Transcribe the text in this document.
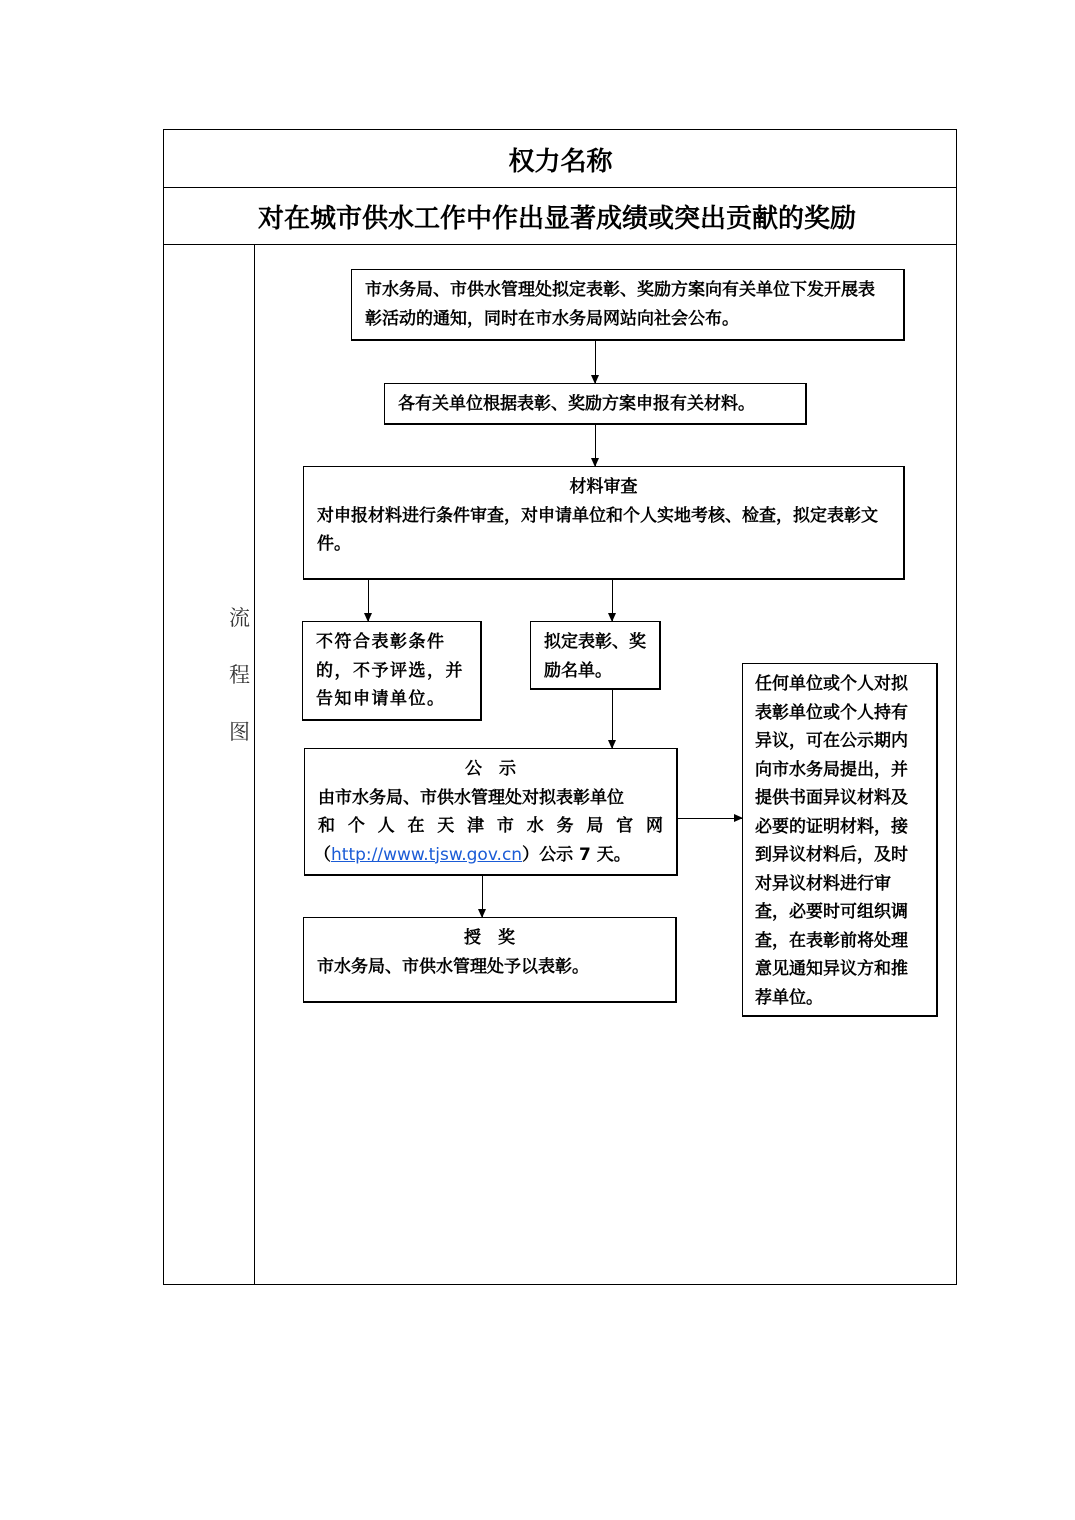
权力名称
对在城市供水工作中作出显著成绩或突出贡献的奖励
流
程
图
市水务局、市供水管理处拟定表彰、奖励方案向有关单位下发开展表彰活动的通知，同时在市水务局网站向社会公布。
各有关单位根据表彰、奖励方案申报有关材料。
材料审查
对申报材料进行条件审查，对申请单位和个人实地考核、检查，拟定表彰文件。
不符合表彰条件的，不予评选，并告知申请单位。
拟定表彰、奖励名单。
公　示
由市水务局、市供水管理处对拟表彰单位
和个人在天津市水务局官网
（http://www.tjsw.gov.cn）公示 7 天。
授　奖
市水务局、市供水管理处予以表彰。
任何单位或个人对拟表彰单位或个人持有异议，可在公示期内向市水务局提出，并提供书面异议材料及必要的证明材料，接到异议材料后，及时对异议材料进行审查，必要时可组织调查，在表彰前将处理意见通知异议方和推荐单位。
